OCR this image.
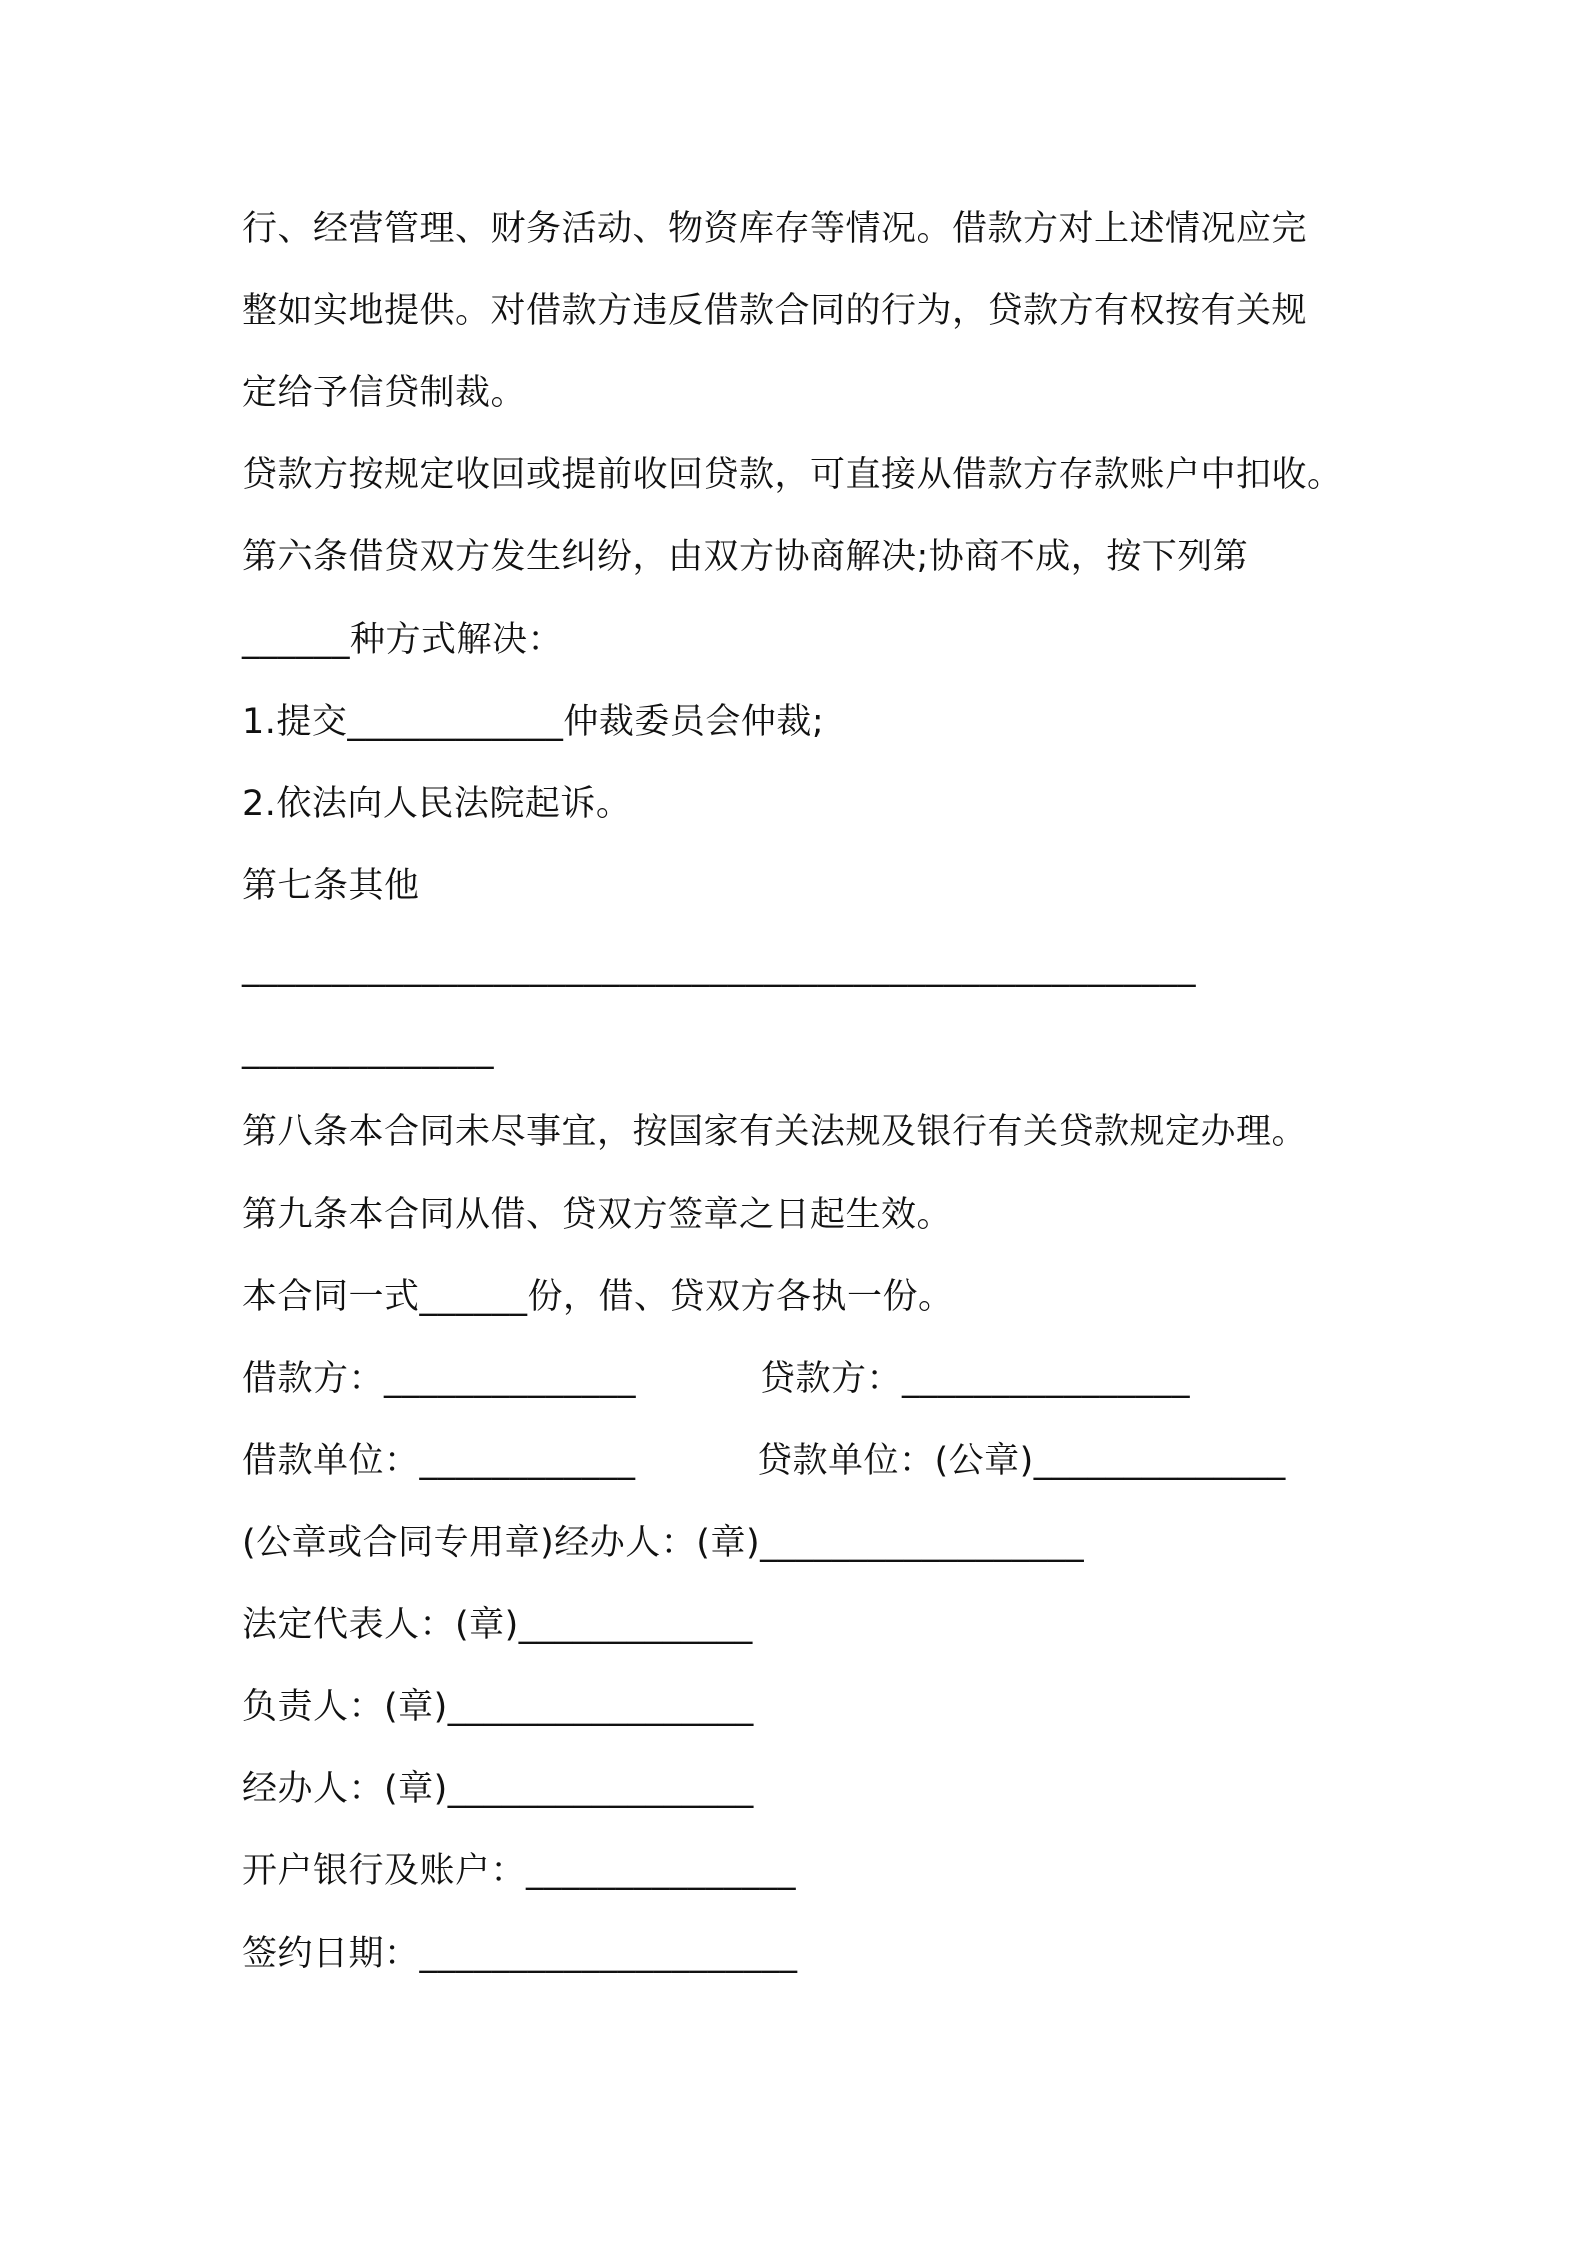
行、经营管理、财务活动、物资库存等情况。借款方对上述情况应完
整如实地提供。对借款方违反借款合同的行为，贷款方有权按有关规
定给予信贷制裁。
贷款方按规定收回或提前收回贷款，可直接从借款方存款账户中扣收。
第六条借贷双方发生纠纷，由双方协商解决;协商不成，按下列第
______种方式解决：
1.提交____________仲裁委员会仲裁;
2.依法向人民法院起诉。
第七条其他
_____________________________________________________
______________
第八条本合同未尽事宜，按国家有关法规及银行有关贷款规定办理。
第九条本合同从借、贷双方签章之日起生效。
本合同一式______份，借、贷双方各执一份。
借款方：______________	贷款方：________________
借款单位：____________	贷款单位：(公章)______________
(公章或合同专用章)经办人：(章)__________________
法定代表人：(章)_____________
负责人：(章)_________________
经办人：(章)_________________
开户银行及账户：_______________
签约日期：_____________________
